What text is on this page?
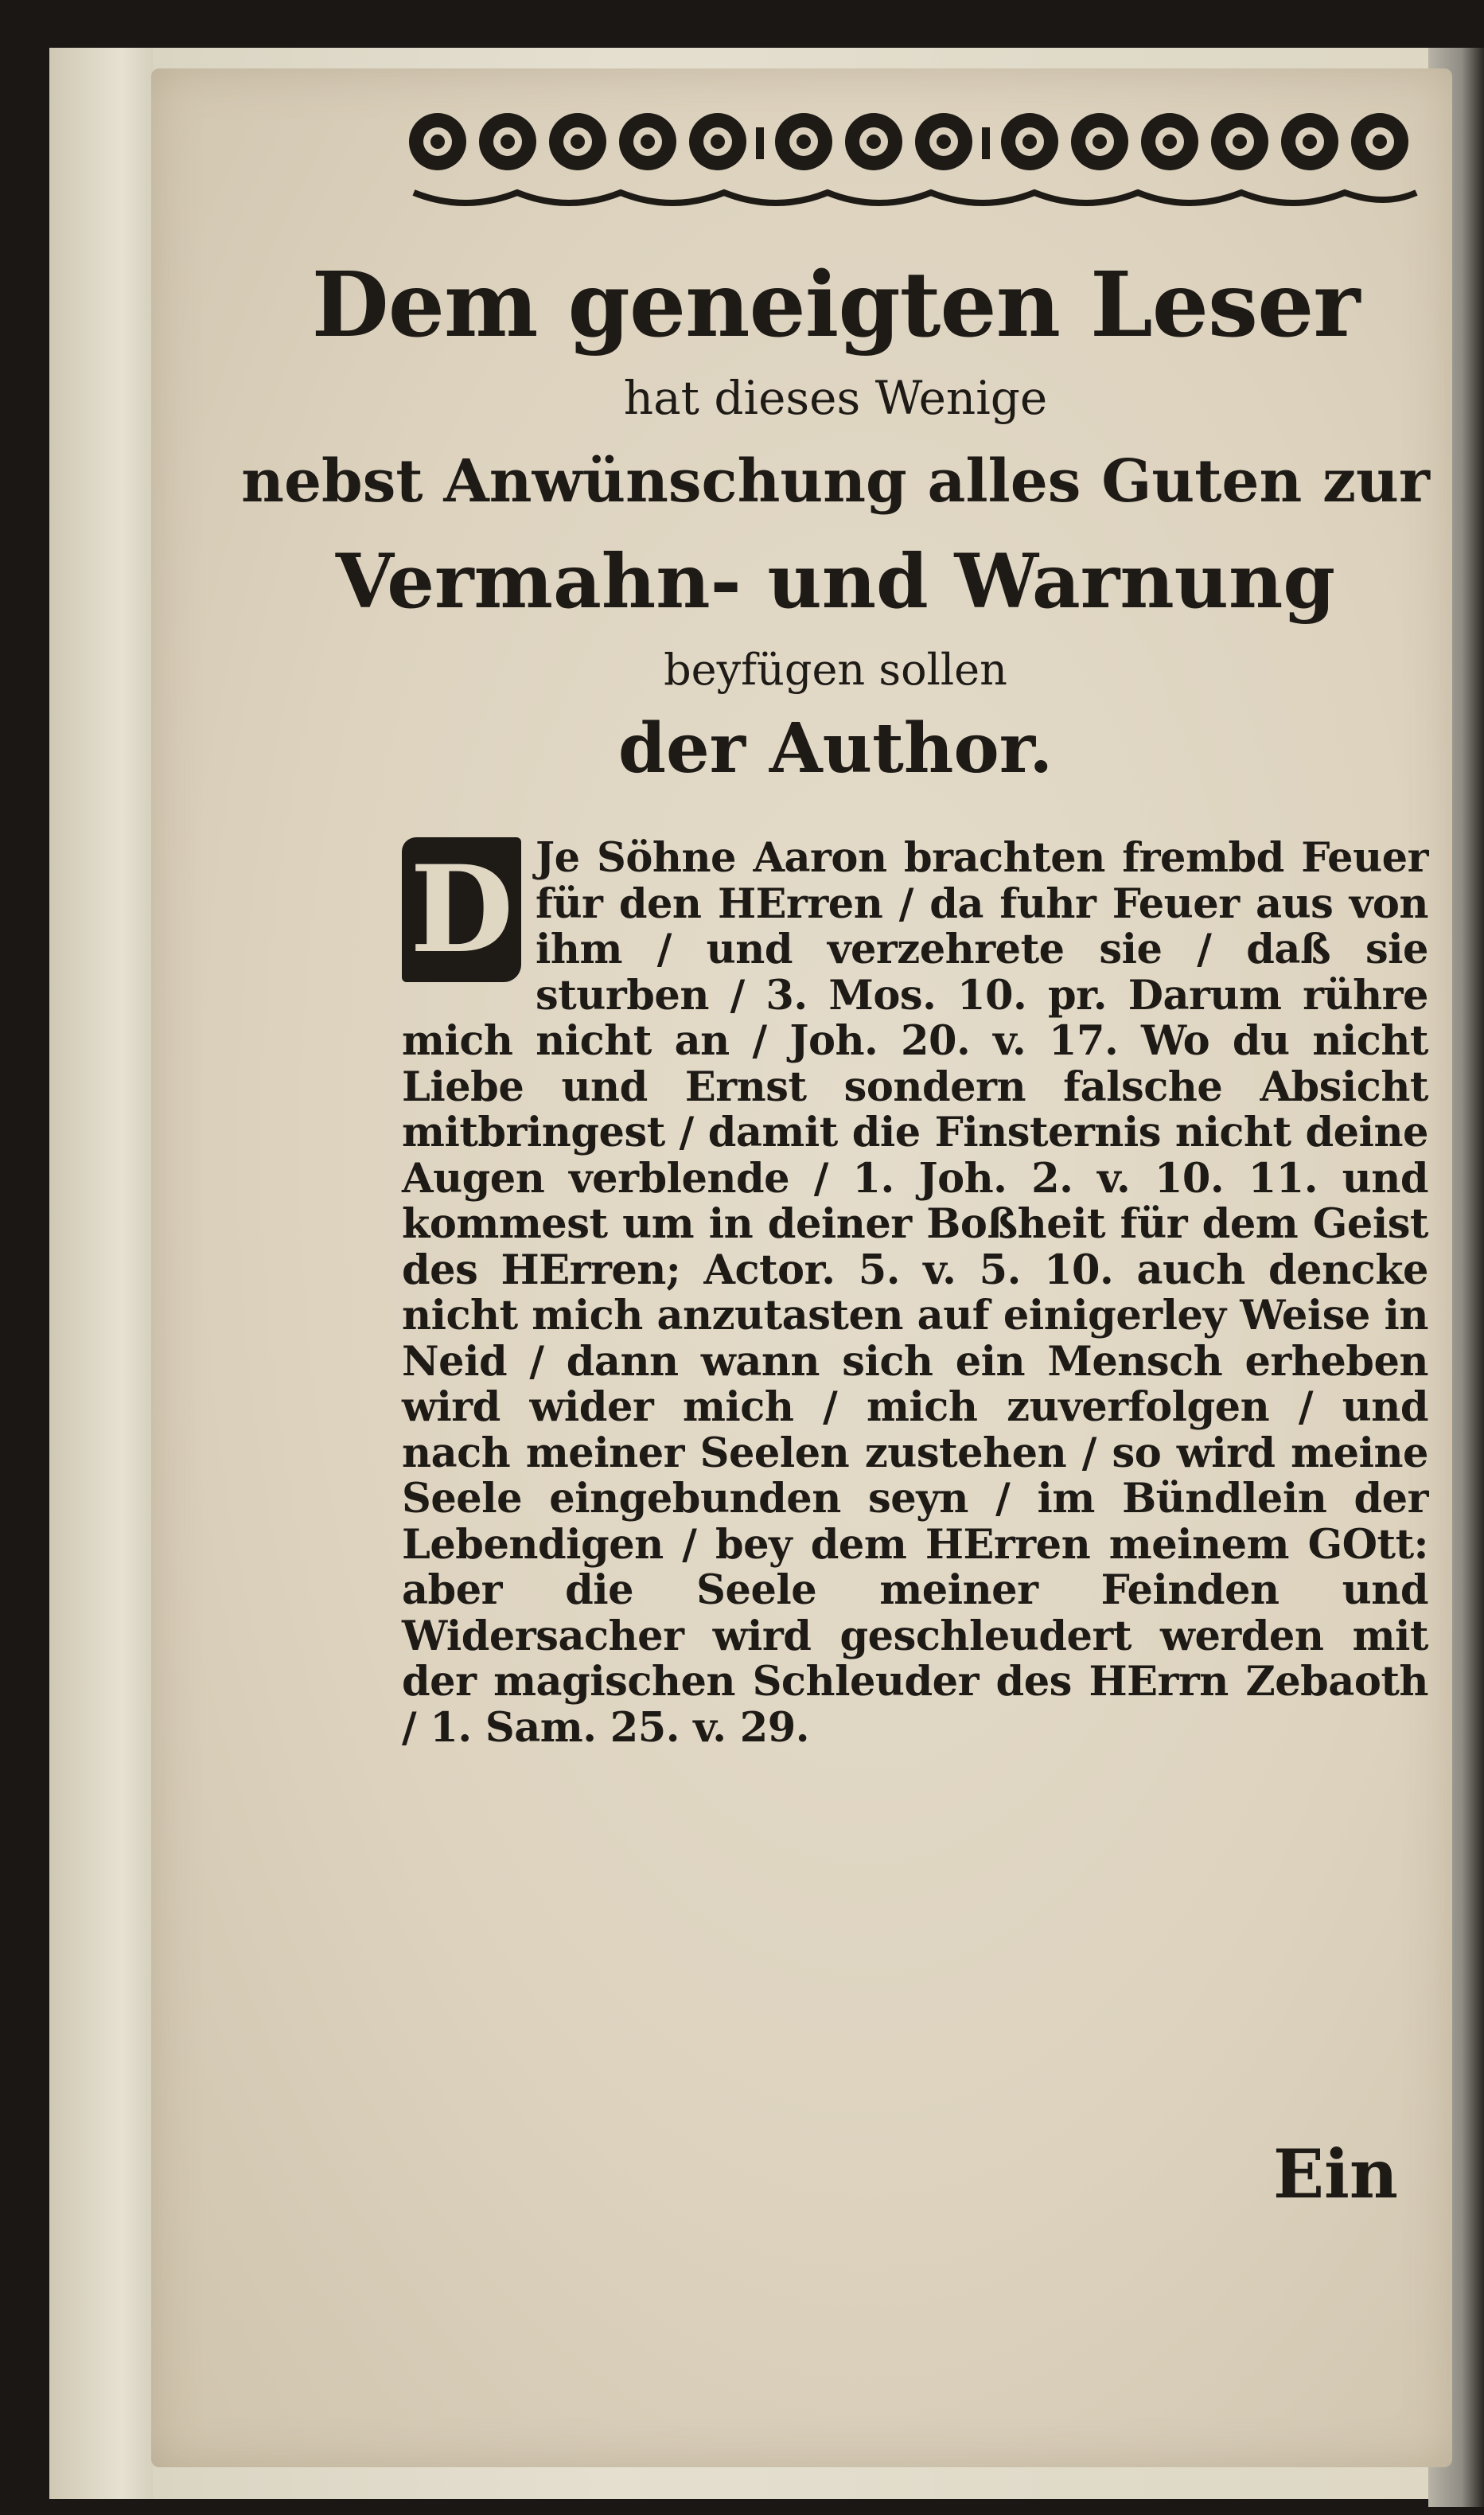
Dem geneigten Leser
hat dieses Wenige
nebst Anwünschung alles Guten zur
Vermahn- und Warnung
beyfügen sollen
der Author.
D Je Söhne Aaron brachten frembd Feuer für den HErren / da fuhr Feuer aus von ihm / und verzehrete sie / daß sie sturben / 3. Mos. 10. pr. Darum rühre mich nicht an / Joh. 20. v. 17. Wo du nicht Liebe und Ernst sondern falsche Absicht mitbringest / damit die Finsternis nicht deine Augen verblende / 1. Joh. 2. v. 10. 11. und kommest um in deiner Boßheit für dem Geist des HErren; Actor. 5. v. 5. 10. auch dencke nicht mich anzutasten auf einigerley Weise in Neid / dann wann sich ein Mensch erheben wird wider mich / mich zuverfolgen / und nach meiner Seelen zustehen / so wird meine Seele eingebunden seyn / im Bündlein der Lebendigen / bey dem HErren meinem GOtt: aber die Seele meiner Feinden und Widersacher wird geschleudert werden mit der magischen Schleuder des HErrn Zebaoth / 1. Sam. 25. v. 29.
Ein
